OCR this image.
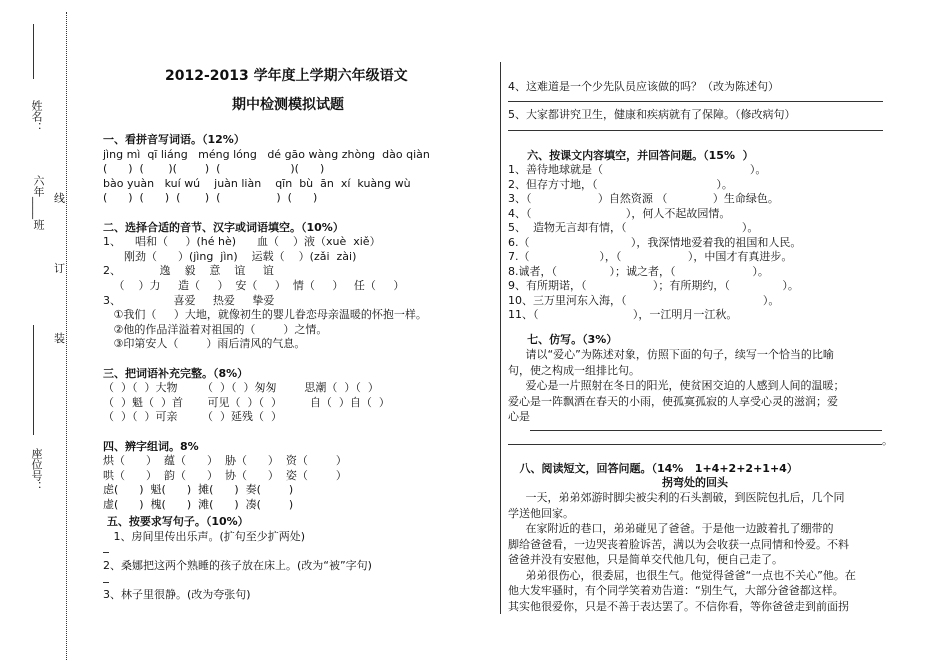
姓名：
六年____班
座位号：
线
订
装
2012-2013 学年度上学期六年级语文
期中检测模拟试题
一、看拼音写词语。（12%）
jìng mì  qī liáng   méng lóng   dé gāo wàng zhòng  dào qiàn
(      )  (       )(        )  (                    )(      )
bào yuàn   kuí wú    juàn liàn    qīn  bù  ān  xí  kuàng wù
(      )  (      )  (       )  (                )  (      )
二、选择合适的音节、汉字或词语填空。（10%）
1、    唱和（     ）(hé hè)      血（    ）液（xuè  xiě）
刚劲（      ）(jìng  jìn)    运载（    ）(zǎi  zài)
2、           逸    毅    意    谊     谊
（    ）力     造（     ）  安（     ）  情（     ）   任（     ）
3、               喜爱     热爱     挚爱
①我们（     ）大地，就像初生的婴儿眷恋母亲温暖的怀抱一样。
②他的作品洋溢着对祖国的（        ）之情。
③印第安人（        ）雨后清风的气息。
三、把词语补充完整。（8%）
（  ）（  ）大物       （  ）（  ）匆匆        思潮（  ）（  ）
（  ）魁（  ）首       可见（  ）（  ）        自（  ）自（  ）
（  ）（  ）可亲       （  ）延残（  ）
四、辨字组词。8%
烘（      ）  蕴（      ）  胁（      ）  资（        ）
哄（      ）  韵（      ）  协（      ）  姿（        ）
虑(      )  魁(      )  摊(      )  奏(        )
虚(      )  槐(      )  滩(      )  凑(        )
五、按要求写句子。（10%）
1、房间里传出乐声。(扩句至少扩两处)
2、桑娜把这两个熟睡的孩子放在床上。(改为“被”字句)
3、林子里很静。(改为夸张句)
4、这难道是一个少先队员应该做的吗？（改为陈述句）
5、大家都讲究卫生，健康和疾病就有了保障。（修改病句）
六、按课文内容填空，并回答问题。（15%  ）
1、善待地球就是（                                          ）。
2、但存方寸地，（                                  ）。
3、（                   ）自然资源 （             ）生命绿色。
4、（                           ），何人不起故园情。
5、  造物无言却有情，（                                 ）。
6.（                             ），我深情地爱着我的祖国和人民。
7.（                    ），（                   ），中国才有真进步。
8.诚者，（               ）；诚之者，（                      ）。
9、有所期诺，（                   ）；有所期约，（               ）。
10、三万里河东入海，（                                       ）。
11、（                           ），一江明月一江秋。
七、仿写。（3%）
请以“爱心”为陈述对象，仿照下面的句子，续写一个恰当的比喻
句，使之构成一组排比句。
爱心是一片照射在冬日的阳光，使贫困交迫的人感到人间的温暖；
爱心是一阵飘洒在春天的小雨，使孤寞孤寂的人享受心灵的滋润；爱
心是
。
八、阅读短文，回答问题。（14%   1+4+2+2+1+4）
拐弯处的回头
一天，弟弟郊游时脚尖被尖利的石头割破，到医院包扎后，几个同
学送他回家。
在家附近的巷口，弟弟碰见了爸爸。于是他一边跛着扎了绷带的
脚给爸爸看，一边哭丧着脸诉苦，满以为会收获一点同情和怜爱。不料
爸爸并没有安慰他，只是简单交代他几句，便自己走了。
弟弟很伤心，很委屈，也很生气。他觉得爸爸“一点也不关心”他。在
他大发牢骚时，有个同学笑着劝告道：“别生气，大部分爸爸都这样。
其实他很爱你，只是不善于表达罢了。不信你看，等你爸爸走到前面拐
